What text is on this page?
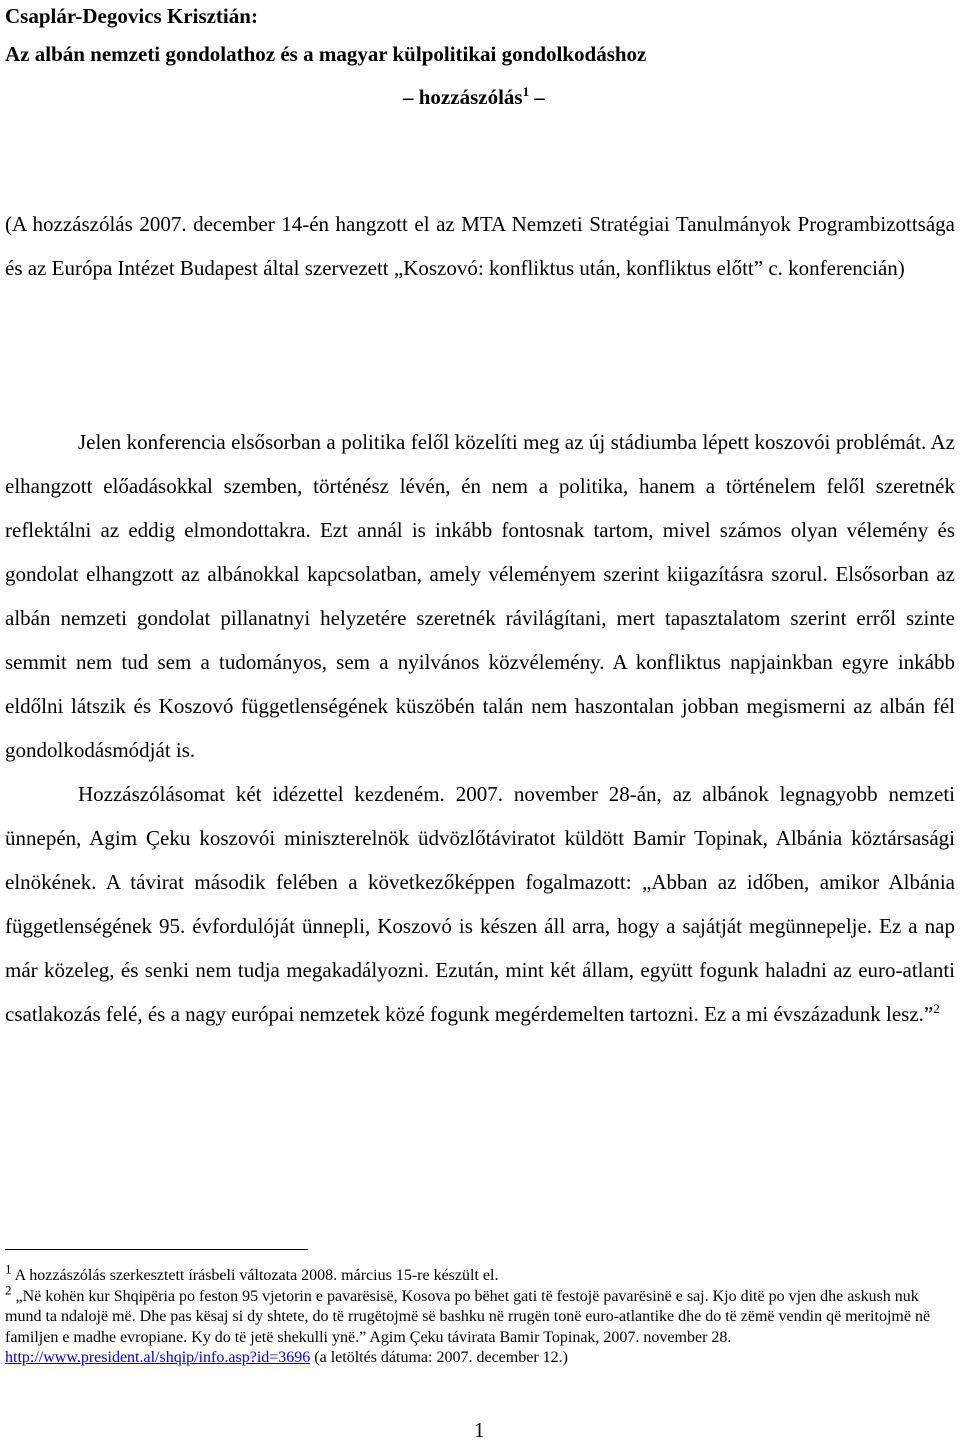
Csaplár-Degovics Krisztián:
Az albán nemzeti gondolathoz és a magyar külpolitikai gondolkodáshoz
– hozzászólás$^1$ –

(A hozzászólás 2007. december 14-én hangzott el az MTA Nemzeti Stratégiai Tanulmányok Programbizottsága és az Európa Intézet Budapest által szervezett „Koszovó: konfliktus után, konfliktus előtt” c. konferencián)

Jelen konferencia elsősorban a politika felől közelíti meg az új stádiumba lépett koszovói problémát. Az elhangzott előadásokkal szemben, történész lévén, én nem a politika, hanem a történelem felől szeretnék reflektálni az eddig elmondottakra. Ezt annál is inkább fontosnak tartom, mivel számos olyan vélemény és gondolat elhangzott az albánokkal kapcsolatban, amely véleményem szerint kiigazításra szorul. Elsősorban az albán nemzeti gondolat pillanatnyi helyzetére szeretnék rávilágítani, mert tapasztalatom szerint erről szinte semmit nem tud sem a tudományos, sem a nyilvános közvélemény. A konfliktus napjainkban egyre inkább eldőlni látszik és Koszovó függetlenségének küszöbén talán nem haszontalan jobban megismerni az albán fél gondolkodásmódját is.

Hozzászólásomat két idézettel kezdeném. 2007. november 28-án, az albánok legnagyobb nemzeti ünnepén, Agim Çeku koszovói miniszterelnök üdvözlőtáviratot küldött Bamir Topinak, Albánia köztársasági elnökének. A távirat második felében a következőképpen fogalmazott: „Abban az időben, amikor Albánia függetlenségének 95. évfordulóját ünnepli, Koszovó is készen áll arra, hogy a sajátját megünnepelje. Ez a nap már közeleg, és senki nem tudja megakadályozni. Ezután, mint két állam, együtt fogunk haladni az euro-atlanti csatlakozás felé, és a nagy európai nemzetek közé fogunk megérdemelten tartozni. Ez a mi évszázadunk lesz.”$^2$

$^1$ A hozzászólás szerkesztett írásbeli változata 2008. március 15-re készült el.

$^2$ „Në kohën kur Shqipëria po feston 95 vjetorin e pavarësisë, Kosova po bëhet gati të festojë pavarësinë e saj. Kjo ditë po vjen dhe askush nuk mund ta ndalojë më. Dhe pas kësaj si dy shtete, do të rrugëtojmë së bashku në rrugën tonë euro-atlantike dhe do të zëmë vendin që meritojmë në familjen e madhe evropiane. Ky do të jetë shekulli ynë.” Agim Çeku távirata Bamir Topinak, 2007. november 28. http://www.president.al/shqip/info.asp?id=3696 (a letöltés dátuma: 2007. december 12.)

1
